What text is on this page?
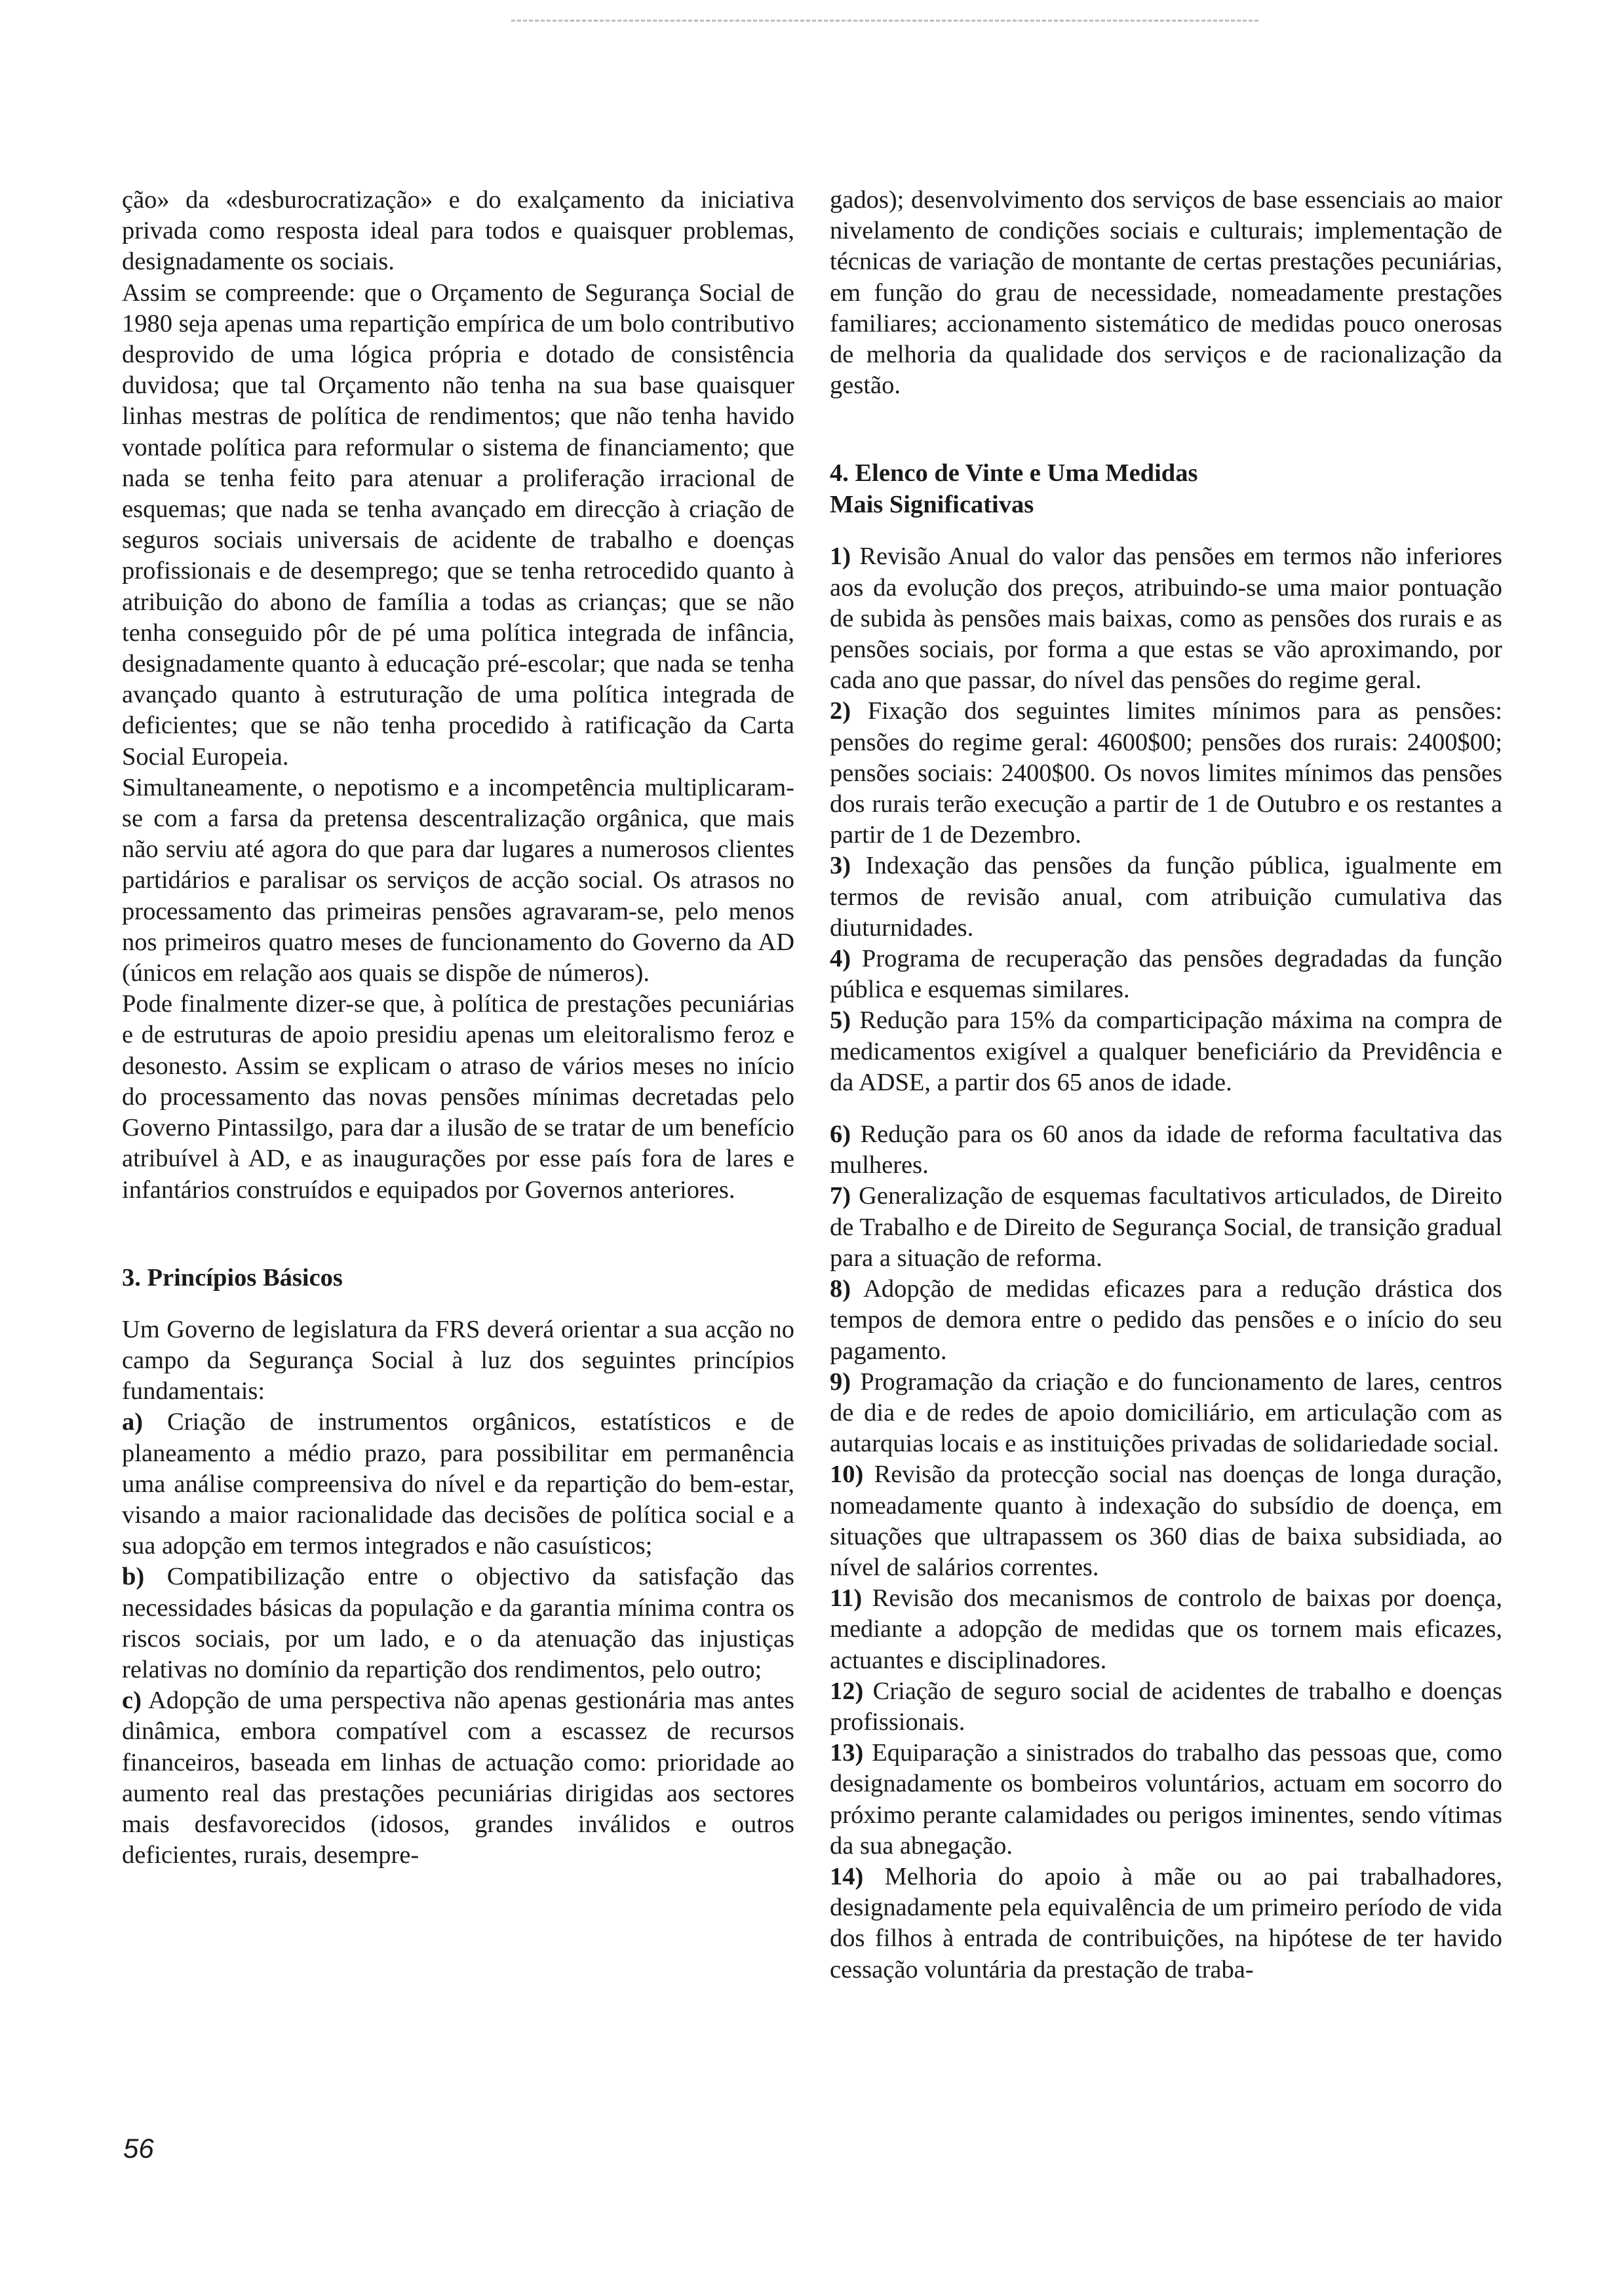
ção» da «desburocratização» e do exalçamento da iniciativa privada como resposta ideal para todos e quaisquer problemas, designadamente os sociais.

Assim se compreende: que o Orçamento de Segurança Social de 1980 seja apenas uma repartição empírica de um bolo contributivo desprovido de uma lógica própria e dotado de consistência duvidosa; que tal Orçamento não tenha na sua base quaisquer linhas mestras de política de rendimentos; que não tenha havido vontade política para reformular o sistema de financiamento; que nada se tenha feito para atenuar a proliferação irracional de esquemas; que nada se tenha avançado em direcção à criação de seguros sociais universais de acidente de trabalho e doenças profissionais e de desemprego; que se tenha retrocedido quanto à atribuição do abono de família a todas as crianças; que se não tenha conseguido pôr de pé uma política integrada de infância, designadamente quanto à educação pré-escolar; que nada se tenha avançado quanto à estruturação de uma política integrada de deficientes; que se não tenha procedido à ratificação da Carta Social Europeia.

Simultaneamente, o nepotismo e a incompetência multiplicaram-se com a farsa da pretensa descentralização orgânica, que mais não serviu até agora do que para dar lugares a numerosos clientes partidários e paralisar os serviços de acção social. Os atrasos no processamento das primeiras pensões agravaram-se, pelo menos nos primeiros quatro meses de funcionamento do Governo da AD (únicos em relação aos quais se dispõe de números).

Pode finalmente dizer-se que, à política de prestações pecuniárias e de estruturas de apoio presidiu apenas um eleitoralismo feroz e desonesto. Assim se explicam o atraso de vários meses no início do processamento das novas pensões mínimas decretadas pelo Governo Pintassilgo, para dar a ilusão de se tratar de um benefício atribuível à AD, e as inaugurações por esse país fora de lares e infantários construídos e equipados por Governos anteriores.

3. Princípios Básicos

Um Governo de legislatura da FRS deverá orientar a sua acção no campo da Segurança Social à luz dos seguintes princípios fundamentais:

a) Criação de instrumentos orgânicos, estatísticos e de planeamento a médio prazo, para possibilitar em permanência uma análise compreensiva do nível e da repartição do bem-estar, visando a maior racionalidade das decisões de política social e a sua adopção em termos integrados e não casuísticos;

b) Compatibilização entre o objectivo da satisfação das necessidades básicas da população e da garantia mínima contra os riscos sociais, por um lado, e o da atenuação das injustiças relativas no domínio da repartição dos rendimentos, pelo outro;

c) Adopção de uma perspectiva não apenas gestionária mas antes dinâmica, embora compatível com a escassez de recursos financeiros, baseada em linhas de actuação como: prioridade ao aumento real das prestações pecuniárias dirigidas aos sectores mais desfavorecidos (idosos, grandes inválidos e outros deficientes, rurais, desempre-

gados); desenvolvimento dos serviços de base essenciais ao maior nivelamento de condições sociais e culturais; implementação de técnicas de variação de montante de certas prestações pecuniárias, em função do grau de necessidade, nomeadamente prestações familiares; accionamento sistemático de medidas pouco onerosas de melhoria da qualidade dos serviços e de racionalização da gestão.

4. Elenco de Vinte e Uma Medidas

Mais Significativas

1) Revisão Anual do valor das pensões em termos não inferiores aos da evolução dos preços, atribuindo-se uma maior pontuação de subida às pensões mais baixas, como as pensões dos rurais e as pensões sociais, por forma a que estas se vão aproximando, por cada ano que passar, do nível das pensões do regime geral.

2) Fixação dos seguintes limites mínimos para as pensões: pensões do regime geral: 4600$00; pensões dos rurais: 2400$00; pensões sociais: 2400$00. Os novos limites mínimos das pensões dos rurais terão execução a partir de 1 de Outubro e os restantes a partir de 1 de Dezembro.

3) Indexação das pensões da função pública, igualmente em termos de revisão anual, com atribuição cumulativa das diuturnidades.

4) Programa de recuperação das pensões degradadas da função pública e esquemas similares.

5) Redução para 15% da comparticipação máxima na compra de medicamentos exigível a qualquer beneficiário da Previdência e da ADSE, a partir dos 65 anos de idade.

6) Redução para os 60 anos da idade de reforma facultativa das mulheres.

7) Generalização de esquemas facultativos articulados, de Direito de Trabalho e de Direito de Segurança Social, de transição gradual para a situação de reforma.

8) Adopção de medidas eficazes para a redução drástica dos tempos de demora entre o pedido das pensões e o início do seu pagamento.

9) Programação da criação e do funcionamento de lares, centros de dia e de redes de apoio domiciliário, em articulação com as autarquias locais e as instituições privadas de solidariedade social.

10) Revisão da protecção social nas doenças de longa duração, nomeadamente quanto à indexação do subsídio de doença, em situações que ultrapassem os 360 dias de baixa subsidiada, ao nível de salários correntes.

11) Revisão dos mecanismos de controlo de baixas por doença, mediante a adopção de medidas que os tornem mais eficazes, actuantes e disciplinadores.

12) Criação de seguro social de acidentes de trabalho e doenças profissionais.

13) Equiparação a sinistrados do trabalho das pessoas que, como designadamente os bombeiros voluntários, actuam em socorro do próximo perante calamidades ou perigos iminentes, sendo vítimas da sua abnegação.

14) Melhoria do apoio à mãe ou ao pai trabalhadores, designadamente pela equivalência de um primeiro período de vida dos filhos à entrada de contribuições, na hipótese de ter havido cessação voluntária da prestação de traba-

56
